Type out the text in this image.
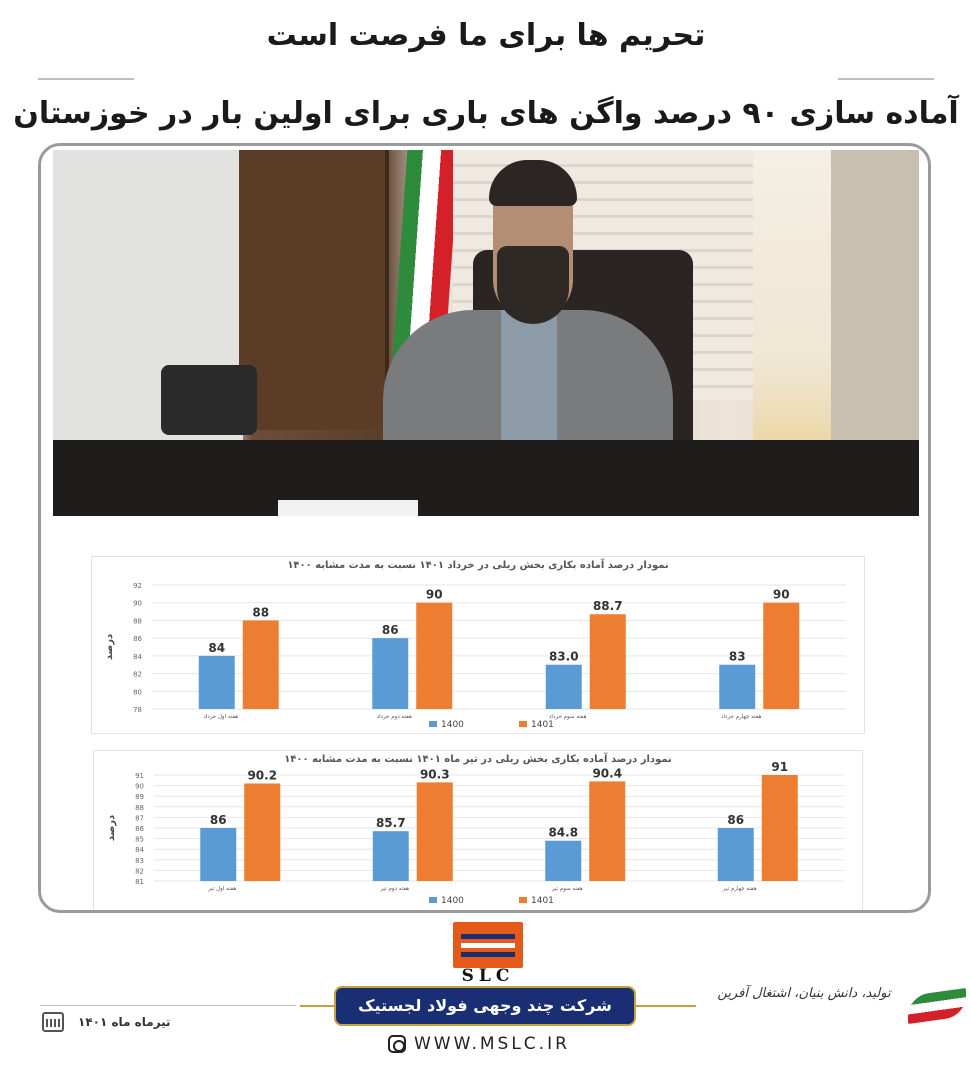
تحریم ها برای ما فرصت است
آماده سازی ۹۰ درصد واگن های باری برای اولین بار در خوزستان
78
80
82
84
86
88
90
92
درصد	84
88
هفته اول خرداد
86
90
هفته دوم خرداد
83.0
88.7
هفته سوم خرداد
83
90
هفته چهارم خرداد
1400	1401
نمودار درصد آماده بکاری بخش ریلی در خرداد ۱۴۰۱ نسبت به مدت مشابه ۱۴۰۰
81
82
83
84
85
86
87
88
89
90
91
درصد	86
90.2
هفته اول تیر
85.7
90.3
هفته دوم تیر
84.8
90.4
هفته سوم تیر
86
91
هفته چهارم تیر
1400	1401
نمودار درصد آماده بکاری بخش ریلی در تیر ماه ۱۴۰۱ نسبت به مدت مشابه ۱۴۰۰
SLC
شرکت چند وجهی فولاد لجستیک
تولید، دانش بنیان، اشتغال آفرین
تیرماه ماه ۱۴۰۱
WWW.MSLC.IR
